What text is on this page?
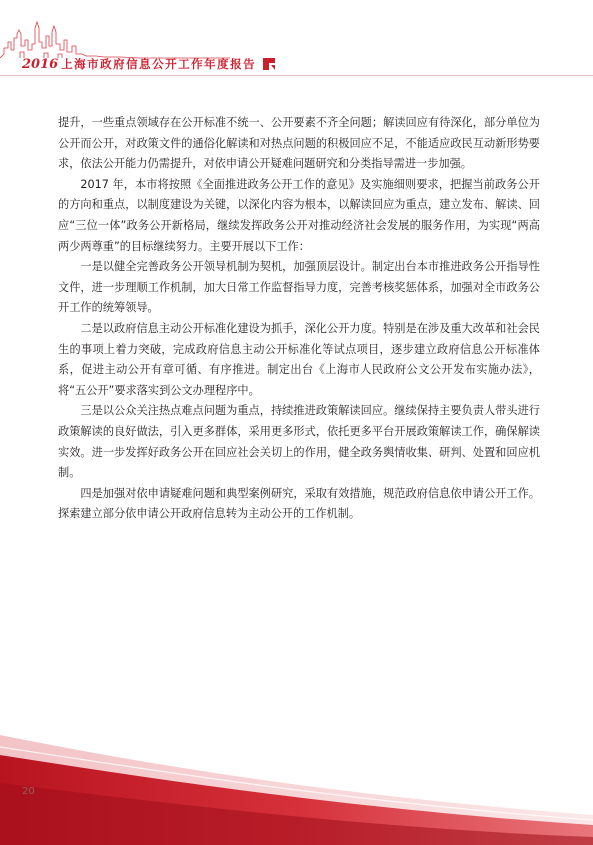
2016 上海市政府信息公开工作年度报告

提升，一些重点领域存在公开标准不统一、公开要素不齐全问题；解读回应有待深化，部分单位为公开而公开，对政策文件的通俗化解读和对热点问题的积极回应不足，不能适应政民互动新形势要求，依法公开能力仍需提升，对依申请公开疑难问题研究和分类指导需进一步加强。

2017 年，本市将按照《全面推进政务公开工作的意见》及实施细则要求，把握当前政务公开的方向和重点，以制度建设为关键，以深化内容为根本，以解读回应为重点，建立发布、解读、回应“三位一体”政务公开新格局，继续发挥政务公开对推动经济社会发展的服务作用，为实现“两高两少两尊重”的目标继续努力。主要开展以下工作：

一是以健全完善政务公开领导机制为契机，加强顶层设计。制定出台本市推进政务公开指导性文件，进一步理顺工作机制，加大日常工作监督指导力度，完善考核奖惩体系，加强对全市政务公开工作的统筹领导。

二是以政府信息主动公开标准化建设为抓手，深化公开力度。特别是在涉及重大改革和社会民生的事项上着力突破，完成政府信息主动公开标准化等试点项目，逐步建立政府信息公开标准体系，促进主动公开有章可循、有序推进。制定出台《上海市人民政府公文公开发布实施办法》，将“五公开”要求落实到公文办理程序中。

三是以公众关注热点难点问题为重点，持续推进政策解读回应。继续保持主要负责人带头进行政策解读的良好做法，引入更多群体，采用更多形式，依托更多平台开展政策解读工作，确保解读实效。进一步发挥好政务公开在回应社会关切上的作用，健全政务舆情收集、研判、处置和回应机制。

四是加强对依申请疑难问题和典型案例研究，采取有效措施，规范政府信息依申请公开工作。探索建立部分依申请公开政府信息转为主动公开的工作机制。

20
